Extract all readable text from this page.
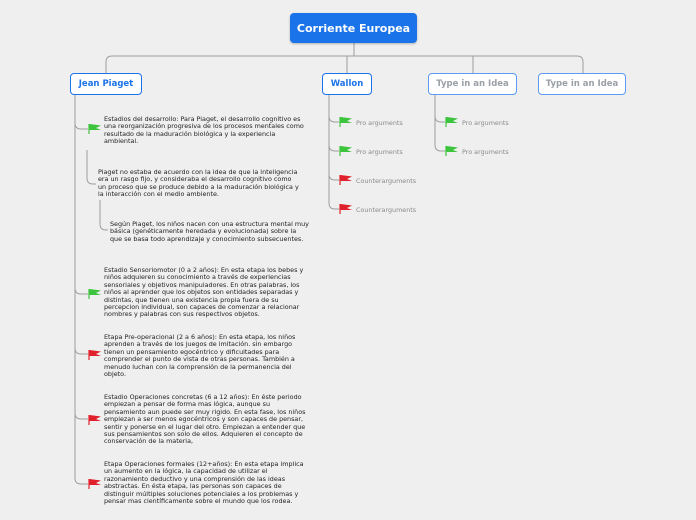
Corriente Europea
Jean Piaget	Wallon	Type in an Idea	Type in an Idea
Estadios del desarrollo: Para Piaget, el desarrollo cognitivo es una reorganización progresiva de los procesos mentales como resultado de la maduración biológica y la experiencia ambiental.
Piaget no estaba de acuerdo con la idea de que la inteligencia era un rasgo fijo, y consideraba el desarrollo cognitivo como un proceso que se produce debido a la maduración biológica y la interacción con el medio ambiente.
Según Piaget, los niños nacen con una estructura mental muy básica (genéticamente heredada y evolucionada) sobre la que se basa todo aprendizaje y conocimiento subsecuentes.
Estadio Sensoriomotor (0 a 2 años): En esta etapa los bebes y niños adquieren su conocimiento a través de experiencias sensoriales y objetivos manipuladores. En otras palabras, los niños al aprender que los objetos son entidades separadas y distintas, que tienen una existencia propia fuera de su percepcion individual, son capaces de comenzar a relacionar nombres y palabras con sus respectivos objetos.
Etapa Pre-operacional (2 a 6 años): En esta etapa, los niños aprenden a través de los juegos de imitación. sin embargo tienen un pensamiento egocéntrico y dificultades para comprender el punto de vista de otras personas. También a menudo luchan con la comprensión de la permanencia del objeto.
Estadio Operaciones concretas (6 a 12 años): En éste periodo empiezan a pensar de forma mas lógica, aunque su pensamiento aun puede ser muy rigido. En esta fase, los niños empiezan a ser menos egocéntricos y son capaces de pensar, sentir y ponerse en el lugar del otro. Empiezan a entender que sus pensamientos son solo de ellos. Adquieren el concepto de conservación de la materia,
Etapa Operaciones formales (12+años): En esta etapa implica un aumento en la lógica, la capacidad de utilizar el razonamiento deductivo y una comprensión de las ideas abstractas. En ésta etapa, las personas son capaces de distinguir múltiples soluciones potenciales a los problemas y pensar mas científicamente sobre el mundo que los rodea.
Pro arguments
Pro arguments
Counterarguments
Counterarguments
Pro arguments
Pro arguments
